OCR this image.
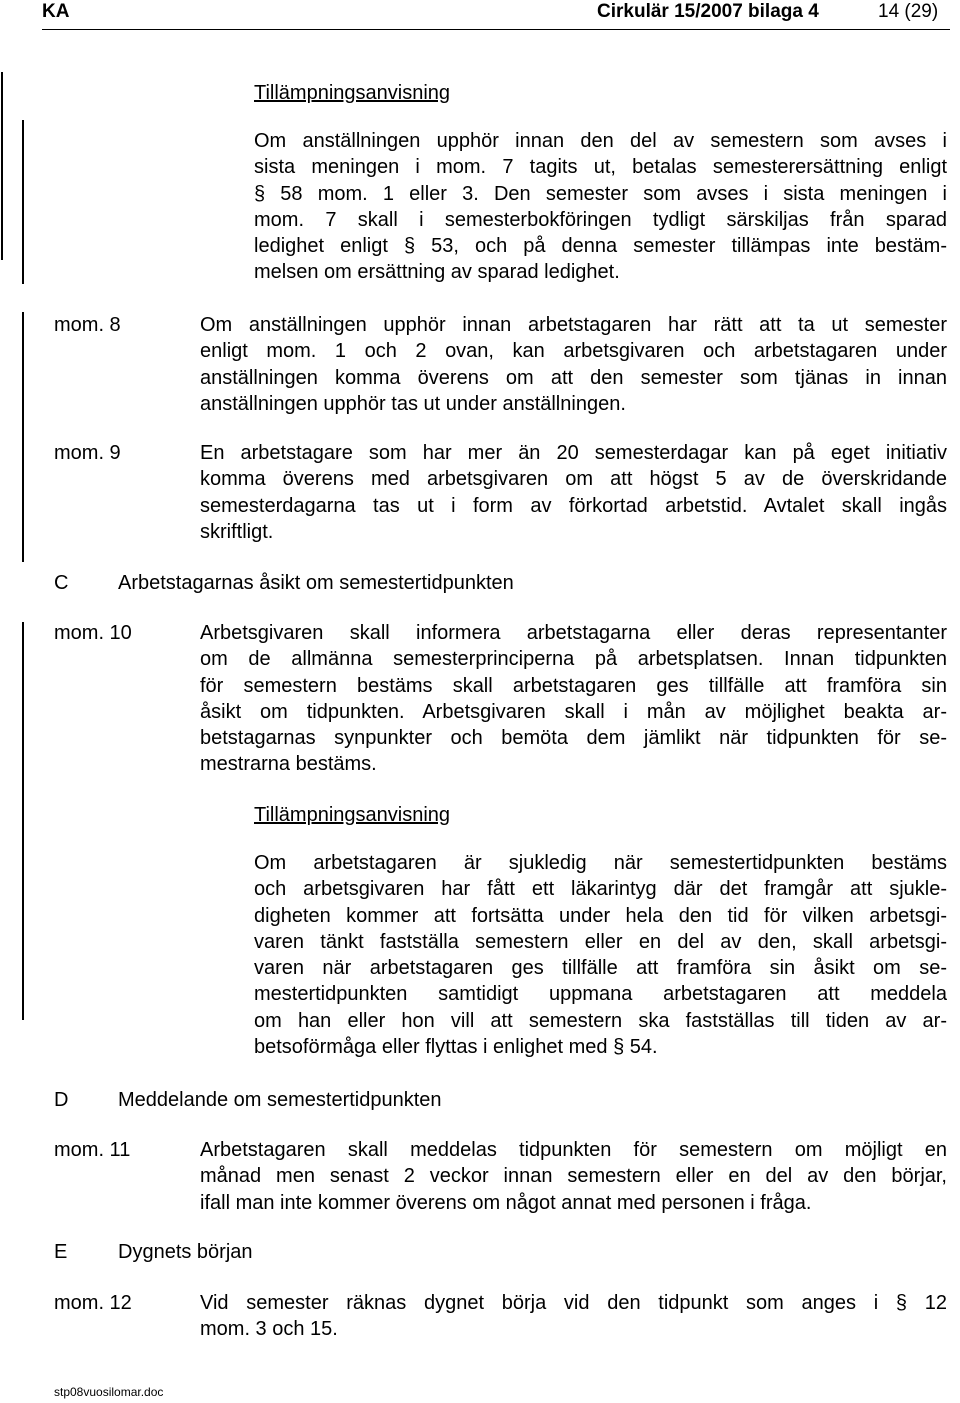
KA	Cirkulär 15/2007 bilaga 4	14 (29)
Tillämpningsanvisning
Om anställningen upphör innan den del av semestern som avses i
sista meningen i mom. 7 tagits ut, betalas semesterersättning enligt
§ 58 mom. 1 eller 3. Den semester som avses i sista meningen i
mom. 7 skall i semesterbokföringen tydligt särskiljas från sparad
ledighet enligt § 53, och på denna semester tillämpas inte bestäm-
melsen om ersättning av sparad ledighet.
mom. 8	Om anställningen upphör innan arbetstagaren har rätt att ta ut semester
enligt mom. 1 och 2 ovan, kan arbetsgivaren och arbetstagaren under
anställningen komma överens om att den semester som tjänas in innan
anställningen upphör tas ut under anställningen.
mom. 9	En arbetstagare som har mer än 20 semesterdagar kan på eget initiativ
komma överens med arbetsgivaren om att högst 5 av de överskridande
semesterdagarna tas ut i form av förkortad arbetstid. Avtalet skall ingås
skriftligt.
C Arbetstagarnas åsikt om semestertidpunkten
mom. 10	Arbetsgivaren skall informera arbetstagarna eller deras representanter
om de allmänna semesterprinciperna på arbetsplatsen. Innan tidpunkten
för semestern bestäms skall arbetstagaren ges tillfälle att framföra sin
åsikt om tidpunkten. Arbetsgivaren skall i mån av möjlighet beakta ar-
betstagarnas synpunkter och bemöta dem jämlikt när tidpunkten för se-
mestrarna bestäms.
Tillämpningsanvisning
Om arbetstagaren är sjukledig när semestertidpunkten bestäms
och arbetsgivaren har fått ett läkarintyg där det framgår att sjukle-
digheten kommer att fortsätta under hela den tid för vilken arbetsgi-
varen tänkt fastställa semestern eller en del av den, skall arbetsgi-
varen när arbetstagaren ges tillfälle att framföra sin åsikt om se-
mestertidpunkten samtidigt uppmana arbetstagaren att meddela
om han eller hon vill att semestern ska fastställas till tiden av ar-
betsoförmåga eller flyttas i enlighet med § 54.
D Meddelande om semestertidpunkten
mom. 11	Arbetstagaren skall meddelas tidpunkten för semestern om möjligt en
månad men senast 2 veckor innan semestern eller en del av den börjar,
ifall man inte kommer överens om något annat med personen i fråga.
E	Dygnets början
mom. 12	Vid semester räknas dygnet börja vid den tidpunkt som anges i § 12
mom. 3 och 15.
stp08vuosilomar.doc
